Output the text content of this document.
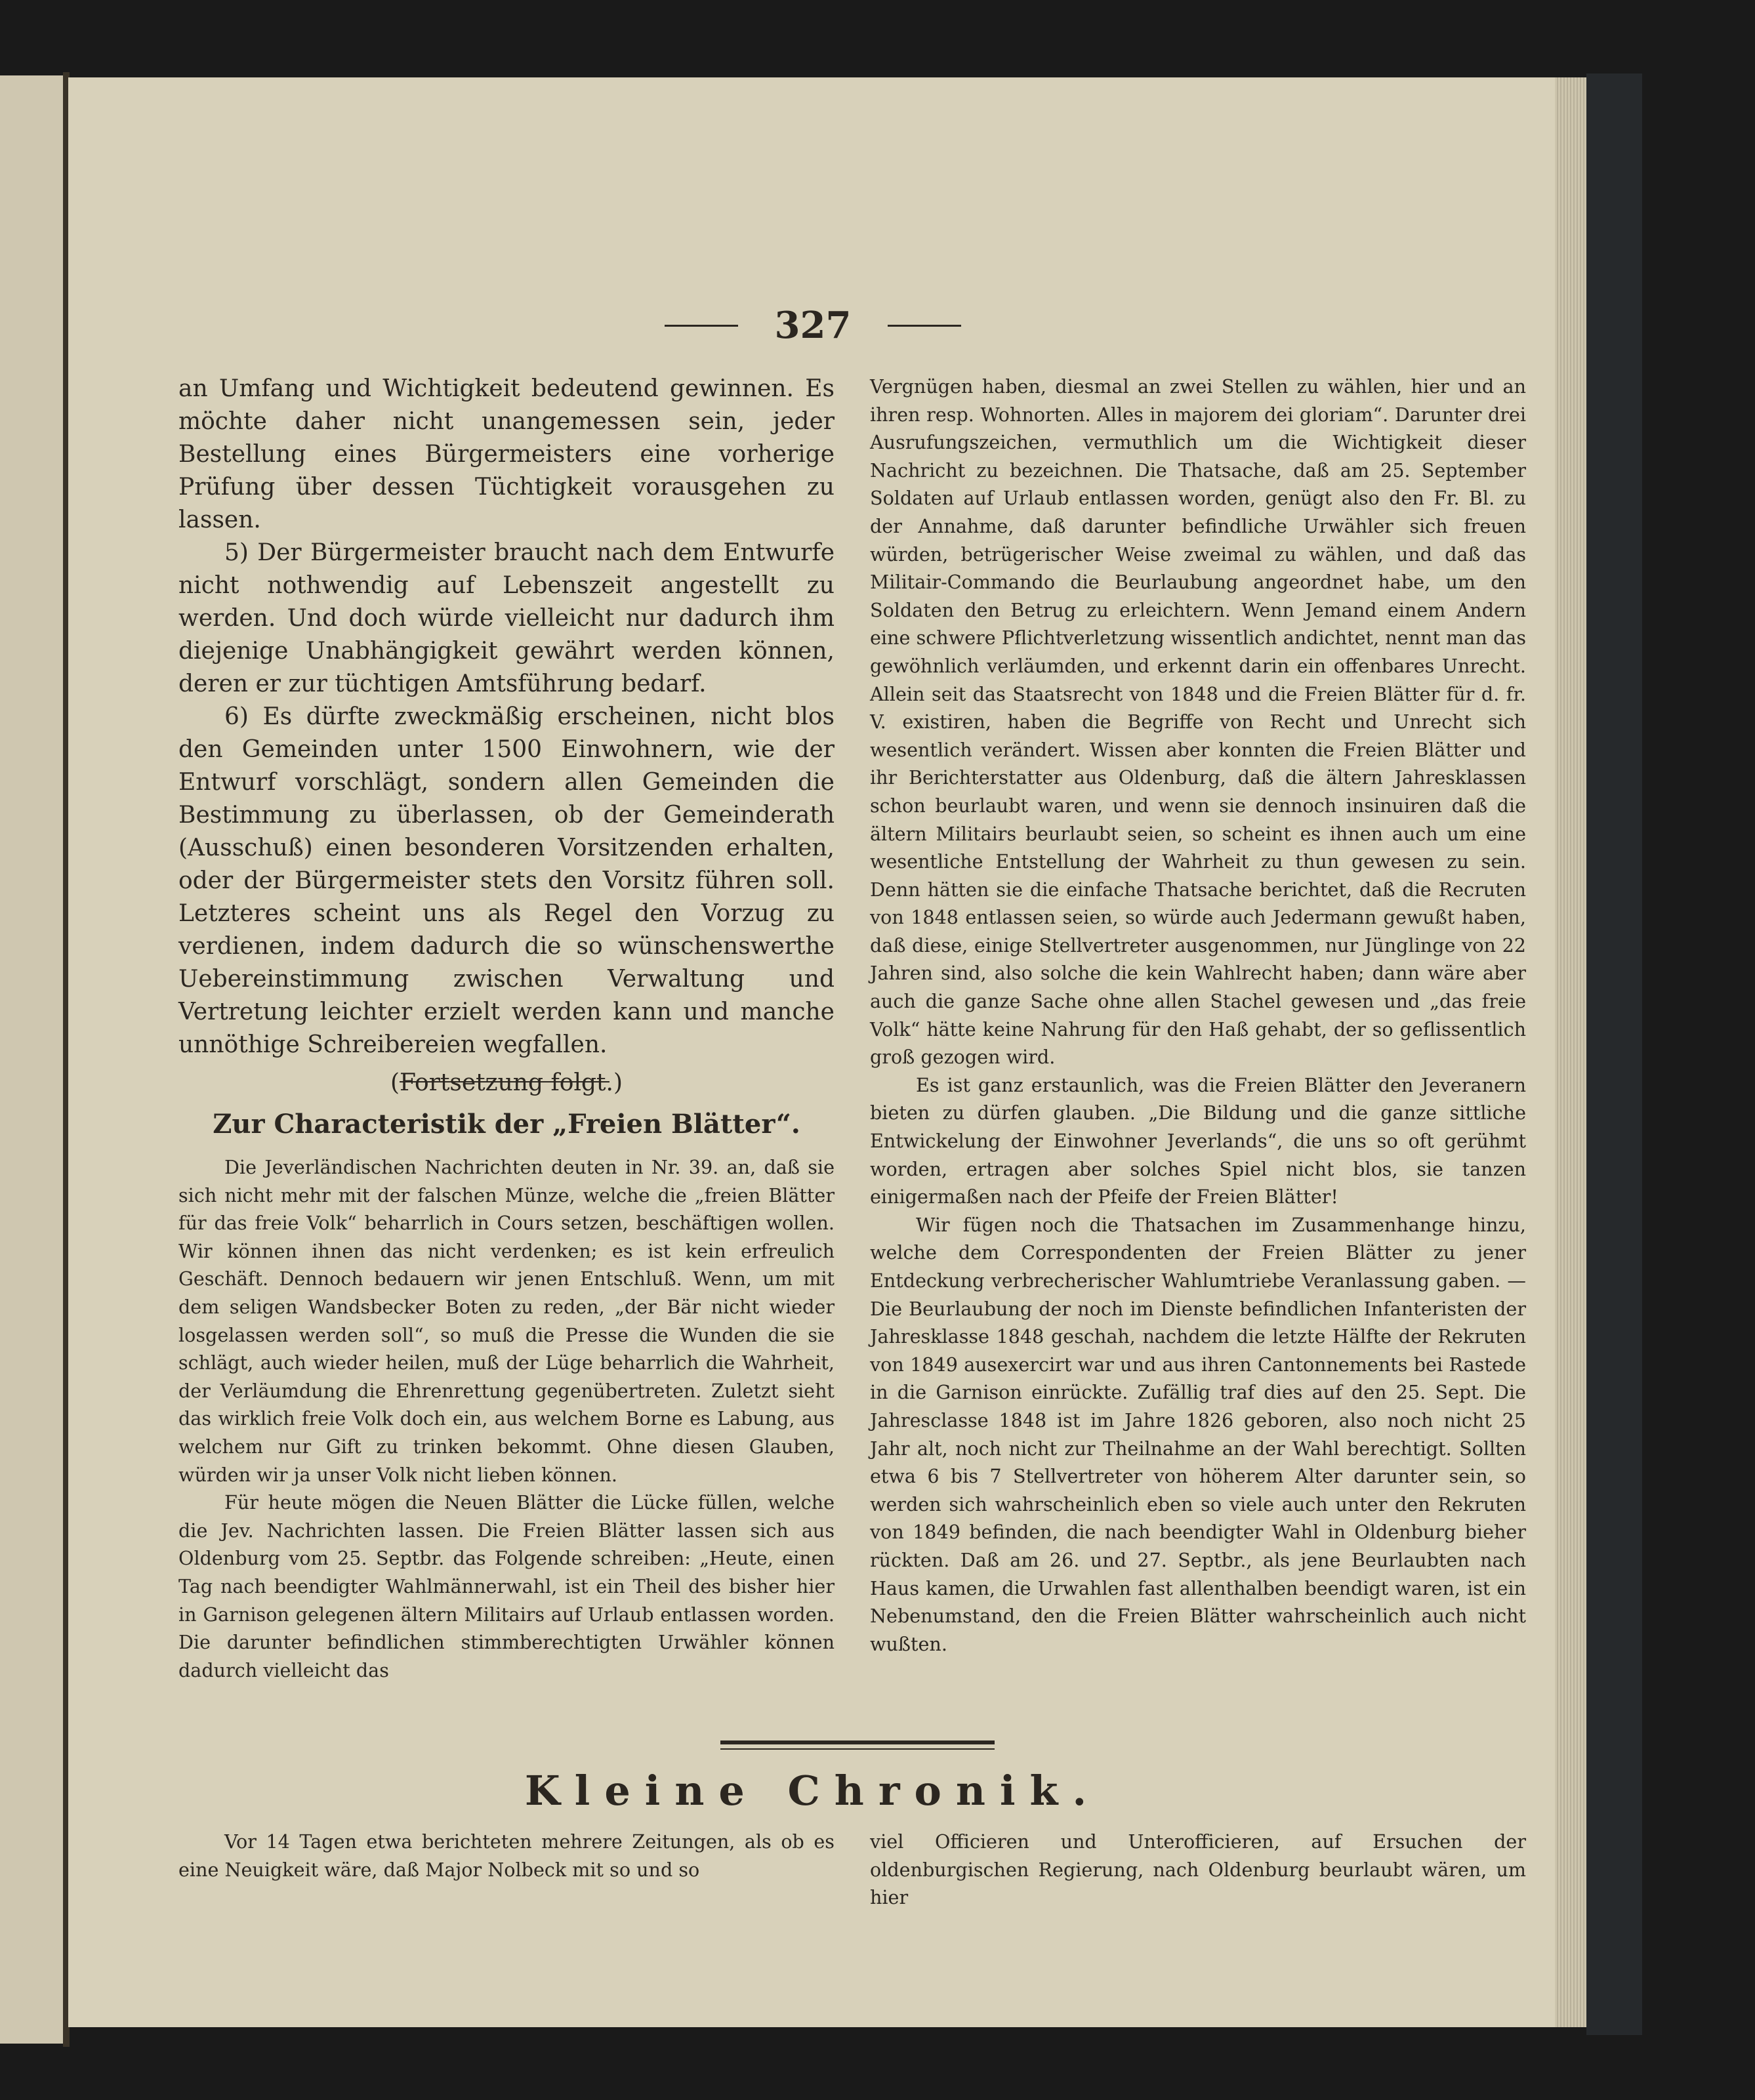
327

an Umfang und Wichtigkeit bedeutend gewinnen. Es möchte daher nicht unangemessen sein, jeder Bestellung eines Bürgermeisters eine vorherige Prüfung über dessen Tüchtigkeit vorausgehen zu lassen.

5) Der Bürgermeister braucht nach dem Entwurfe nicht nothwendig auf Lebenszeit angestellt zu werden. Und doch würde vielleicht nur dadurch ihm diejenige Unabhängigkeit gewährt werden können, deren er zur tüchtigen Amtsführung bedarf.

6) Es dürfte zweckmäßig erscheinen, nicht blos den Gemeinden unter 1500 Einwohnern, wie der Entwurf vorschlägt, sondern allen Gemeinden die Bestimmung zu überlassen, ob der Gemeinderath (Ausschuß) einen besonderen Vorsitzenden erhalten, oder der Bürgermeister stets den Vorsitz führen soll. Letzteres scheint uns als Regel den Vorzug zu verdienen, indem dadurch die so wünschenswerthe Uebereinstimmung zwischen Verwaltung und Vertretung leichter erzielt werden kann und manche unnöthige Schreibereien wegfallen.

(Fortsetzung folgt.)

Zur Characteristik der „Freien Blätter“.

Die Jeverländischen Nachrichten deuten in Nr. 39. an, daß sie sich nicht mehr mit der falschen Münze, welche die „freien Blätter für das freie Volk“ beharrlich in Cours setzen, beschäftigen wollen. Wir können ihnen das nicht verdenken; es ist kein erfreulich Geschäft. Dennoch bedauern wir jenen Entschluß. Wenn, um mit dem seligen Wandsbecker Boten zu reden, „der Bär nicht wieder losgelassen werden soll“, so muß die Presse die Wunden die sie schlägt, auch wieder heilen, muß der Lüge beharrlich die Wahrheit, der Verläumdung die Ehrenrettung gegenübertreten. Zuletzt sieht das wirklich freie Volk doch ein, aus welchem Borne es Labung, aus welchem nur Gift zu trinken bekommt. Ohne diesen Glauben, würden wir ja unser Volk nicht lieben können.

Für heute mögen die Neuen Blätter die Lücke füllen, welche die Jev. Nachrichten lassen. Die Freien Blätter lassen sich aus Oldenburg vom 25. Septbr. das Folgende schreiben: „Heute, einen Tag nach beendigter Wahlmännerwahl, ist ein Theil des bisher hier in Garnison gelegenen ältern Militairs auf Urlaub entlassen worden. Die darunter befindlichen stimmberechtigten Urwähler können dadurch vielleicht das

Vergnügen haben, diesmal an zwei Stellen zu wählen, hier und an ihren resp. Wohnorten. Alles in majorem dei gloriam“. Darunter drei Ausrufungszeichen, vermuthlich um die Wichtigkeit dieser Nachricht zu bezeichnen. Die Thatsache, daß am 25. September Soldaten auf Urlaub entlassen worden, genügt also den Fr. Bl. zu der Annahme, daß darunter befindliche Urwähler sich freuen würden, betrügerischer Weise zweimal zu wählen, und daß das Militair-Commando die Beurlaubung angeordnet habe, um den Soldaten den Betrug zu erleichtern. Wenn Jemand einem Andern eine schwere Pflichtverletzung wissentlich andichtet, nennt man das gewöhnlich verläumden, und erkennt darin ein offenbares Unrecht. Allein seit das Staatsrecht von 1848 und die Freien Blätter für d. fr. V. existiren, haben die Begriffe von Recht und Unrecht sich wesentlich verändert. Wissen aber konnten die Freien Blätter und ihr Berichterstatter aus Oldenburg, daß die ältern Jahresklassen schon beurlaubt waren, und wenn sie dennoch insinuiren daß die ältern Militairs beurlaubt seien, so scheint es ihnen auch um eine wesentliche Entstellung der Wahrheit zu thun gewesen zu sein. Denn hätten sie die einfache Thatsache berichtet, daß die Recruten von 1848 entlassen seien, so würde auch Jedermann gewußt haben, daß diese, einige Stellvertreter ausgenommen, nur Jünglinge von 22 Jahren sind, also solche die kein Wahlrecht haben; dann wäre aber auch die ganze Sache ohne allen Stachel gewesen und „das freie Volk“ hätte keine Nahrung für den Haß gehabt, der so geflissentlich groß gezogen wird.

Es ist ganz erstaunlich, was die Freien Blätter den Jeveranern bieten zu dürfen glauben. „Die Bildung und die ganze sittliche Entwickelung der Einwohner Jeverlands“, die uns so oft gerühmt worden, ertragen aber solches Spiel nicht blos, sie tanzen einigermaßen nach der Pfeife der Freien Blätter!

Wir fügen noch die Thatsachen im Zusammenhange hinzu, welche dem Correspondenten der Freien Blätter zu jener Entdeckung verbrecherischer Wahlumtriebe Veranlassung gaben. — Die Beurlaubung der noch im Dienste befindlichen Infanteristen der Jahresklasse 1848 geschah, nachdem die letzte Hälfte der Rekruten von 1849 ausexercirt war und aus ihren Cantonnements bei Rastede in die Garnison einrückte. Zufällig traf dies auf den 25. Sept. Die Jahresclasse 1848 ist im Jahre 1826 geboren, also noch nicht 25 Jahr alt, noch nicht zur Theilnahme an der Wahl berechtigt. Sollten etwa 6 bis 7 Stellvertreter von höherem Alter darunter sein, so werden sich wahrscheinlich eben so viele auch unter den Rekruten von 1849 befinden, die nach beendigter Wahl in Oldenburg bieher rückten. Daß am 26. und 27. Septbr., als jene Beurlaubten nach Haus kamen, die Urwahlen fast allenthalben beendigt waren, ist ein Nebenumstand, den die Freien Blätter wahrscheinlich auch nicht wußten.

Kleine Chronik.

Vor 14 Tagen etwa berichteten mehrere Zeitungen, als ob es eine Neuigkeit wäre, daß Major Nolbeck mit so und so

viel Officieren und Unterofficieren, auf Ersuchen der oldenburgischen Regierung, nach Oldenburg beurlaubt wären, um hier
